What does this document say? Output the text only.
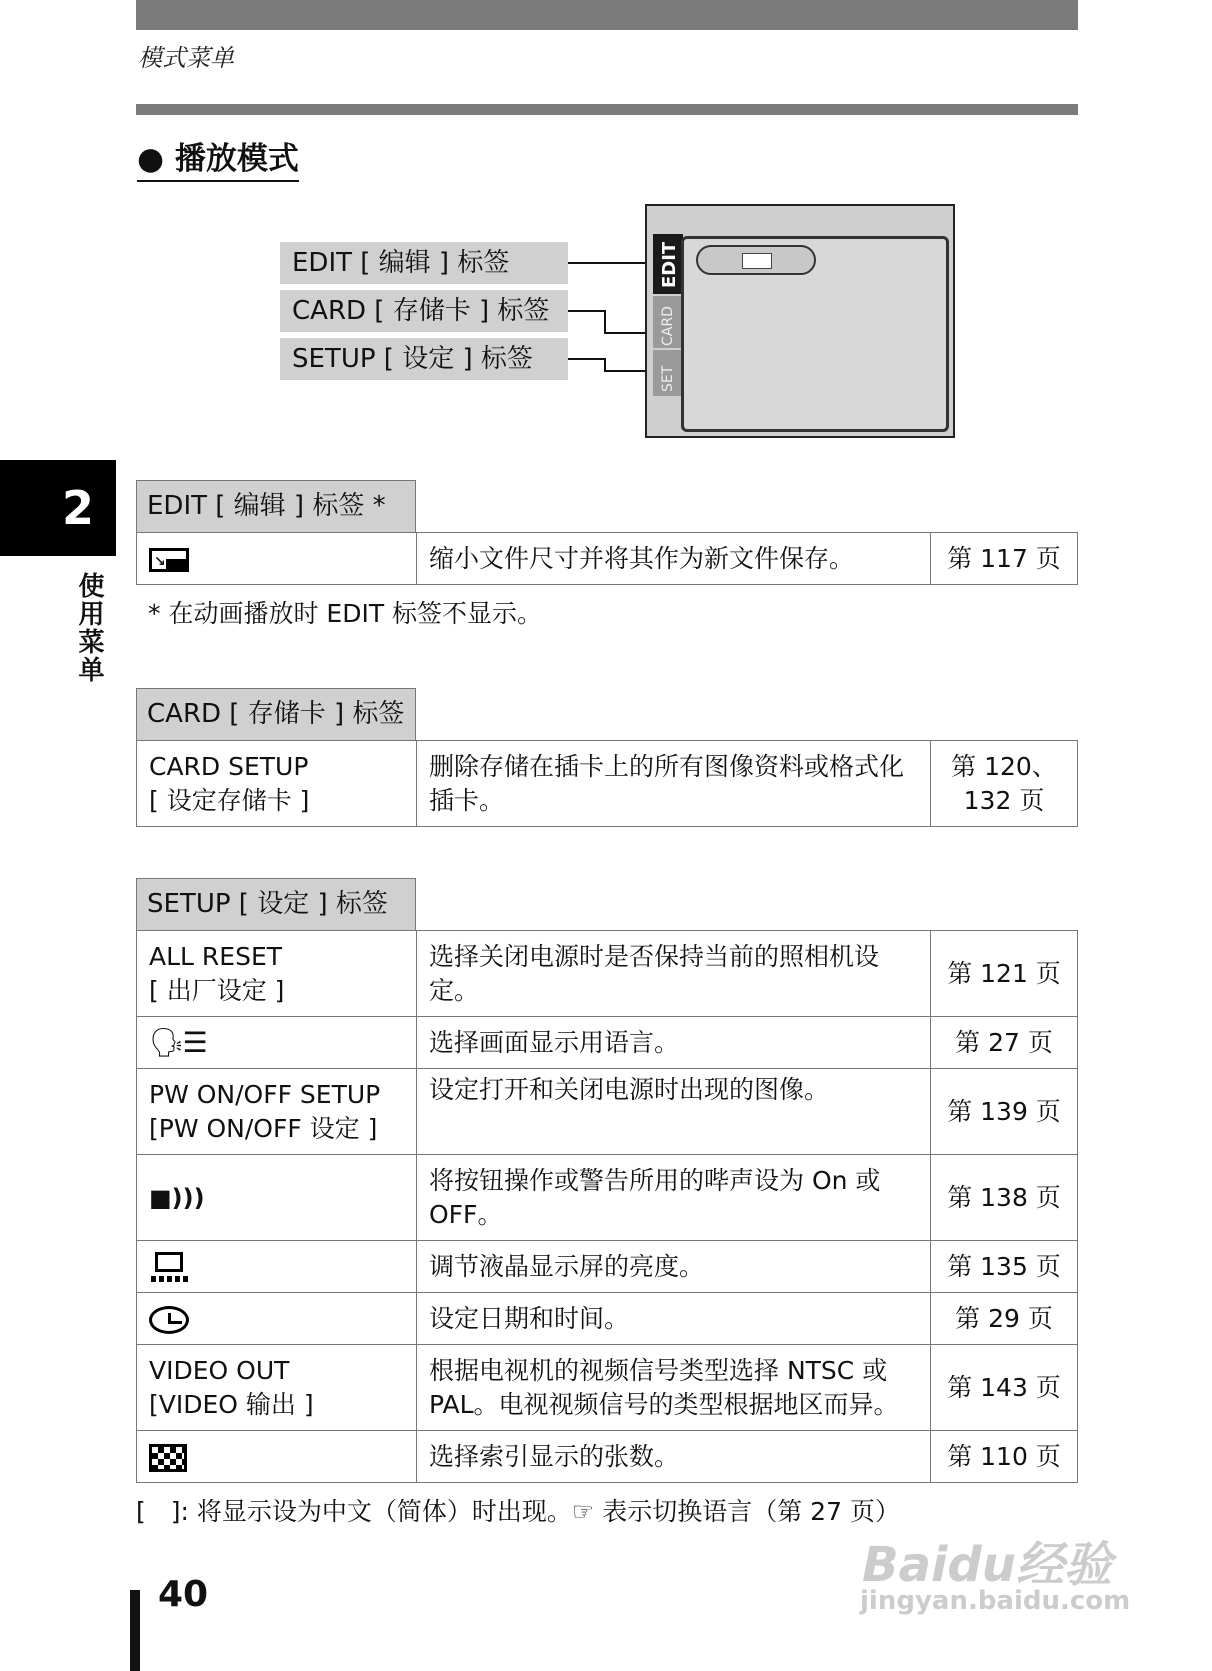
模式菜单
● 播放模式
EDIT [ 编辑 ] 标签
CARD [ 存储卡 ] 标签
SETUP [ 设定 ] 标签
EDIT
CARD
SET
2
使用菜单
EDIT [ 编辑 ] 标签 *
↘	缩小文件尺寸并将其作为新文件保存。	第 117 页
* 在动画播放时 EDIT 标签不显示。
CARD [ 存储卡 ] 标签
CARD SETUP
[ 设定存储卡 ]
	删除存储在插卡上的所有图像资料或格式化插卡。	第 120、132 页
SETUP [ 设定 ] 标签
ALL RESET
[ 出厂设定 ]	选择关闭电源时是否保持当前的照相机设定。	第 121 页
🗣☰	选择画面显示用语言。	第 27 页

PW ON/OFF SETUP
[PW ON/OFF 设定 ]	设定打开和关闭电源时出现的图像。	第 139 页
■)))	将按钮操作或警告所用的哔声设为 On 或 OFF。	第 138 页

	调节液晶显示屏的亮度。	第 135 页
	设定日期和时间。	第 29 页

VIDEO OUT
[VIDEO 输出 ]	根据电视机的视频信号类型选择 NTSC 或 PAL。电视视频信号的类型根据地区而异。	第 143 页
	选择索引显示的张数。	第 110 页
[　]: 将显示设为中文（简体）时出现。☞ 表示切换语言（第 27 页）
40
Baidu经验
jingyan.baidu.com
